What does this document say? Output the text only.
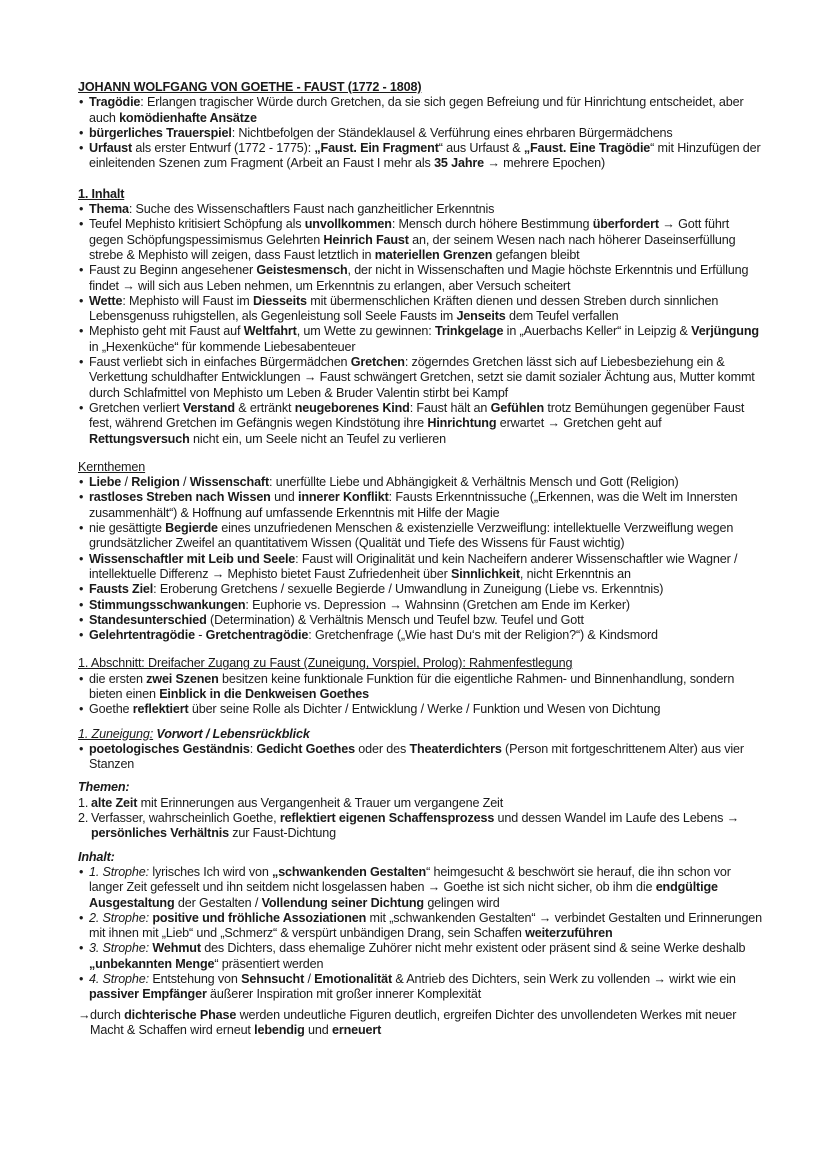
JOHANN WOLFGANG VON GOETHE - FAUST (1772 - 1808)
• Tragödie: Erlangen tragischer Würde durch Gretchen, da sie sich gegen Befreiung und für Hinrichtung entscheidet, aber auch komödienhafte Ansätze
• bürgerliches Trauerspiel: Nichtbefolgen der Ständeklausel & Verführung eines ehrbaren Bürgermädchens
• Urfaust als erster Entwurf (1772 - 1775): „Faust. Ein Fragment“ aus Urfaust & „Faust. Eine Tragödie“ mit Hinzufügen der einleitenden Szenen zum Fragment (Arbeit an Faust I mehr als 35 Jahre → mehrere Epochen)
1. Inhalt
• Thema: Suche des Wissenschaftlers Faust nach ganzheitlicher Erkenntnis
• Teufel Mephisto kritisiert Schöpfung als unvollkommen: Mensch durch höhere Bestimmung überfordert → Gott führt gegen Schöpfungspessimismus Gelehrten Heinrich Faust an, der seinem Wesen nach nach höherer Daseinserfüllung strebe & Mephisto will zeigen, dass Faust letztlich in materiellen Grenzen gefangen bleibt
• Faust zu Beginn angesehener Geistesmensch, der nicht in Wissenschaften und Magie höchste Erkenntnis und Erfüllung findet → will sich aus Leben nehmen, um Erkenntnis zu erlangen, aber Versuch scheitert
• Wette: Mephisto will Faust im Diesseits mit übermenschlichen Kräften dienen und dessen Streben durch sinnlichen Lebensgenuss ruhigstellen, als Gegenleistung soll Seele Fausts im Jenseits dem Teufel verfallen
• Mephisto geht mit Faust auf Weltfahrt, um Wette zu gewinnen: Trinkgelage in „Auerbachs Keller“ in Leipzig & Verjüngung in „Hexenküche“ für kommende Liebesabenteuer
• Faust verliebt sich in einfaches Bürgermädchen Gretchen: zögerndes Gretchen lässt sich auf Liebesbeziehung ein & Verkettung schuldhafter Entwicklungen → Faust schwängert Gretchen, setzt sie damit sozialer Ächtung aus, Mutter kommt durch Schlafmittel von Mephisto um Leben & Bruder Valentin stirbt bei Kampf
• Gretchen verliert Verstand & ertränkt neugeborenes Kind: Faust hält an Gefühlen trotz Bemühungen gegenüber Faust fest, während Gretchen im Gefängnis wegen Kindstötung ihre Hinrichtung erwartet → Gretchen geht auf Rettungsversuch nicht ein, um Seele nicht an Teufel zu verlieren
Kernthemen
• Liebe / Religion / Wissenschaft: unerfüllte Liebe und Abhängigkeit & Verhältnis Mensch und Gott (Religion)
• rastloses Streben nach Wissen und innerer Konflikt: Fausts Erkenntnissuche („Erkennen, was die Welt im Innersten zusammenhält“) & Hoffnung auf umfassende Erkenntnis mit Hilfe der Magie
• nie gesättigte Begierde eines unzufriedenen Menschen & existenzielle Verzweiflung: intellektuelle Verzweiflung wegen grundsätzlicher Zweifel an quantitativem Wissen (Qualität und Tiefe des Wissens für Faust wichtig)
• Wissenschaftler mit Leib und Seele: Faust will Originalität und kein Nacheifern anderer Wissenschaftler wie Wagner / intellektuelle Differenz → Mephisto bietet Faust Zufriedenheit über Sinnlichkeit, nicht Erkenntnis an
• Fausts Ziel: Eroberung Gretchens / sexuelle Begierde / Umwandlung in Zuneigung (Liebe vs. Erkenntnis)
• Stimmungsschwankungen: Euphorie vs. Depression → Wahnsinn (Gretchen am Ende im Kerker)
• Standesunterschied (Determination) & Verhältnis Mensch und Teufel bzw. Teufel und Gott
• Gelehrtentragödie - Gretchentragödie: Gretchenfrage („Wie hast Du‘s mit der Religion?“) & Kindsmord
1. Abschnitt: Dreifacher Zugang zu Faust (Zuneigung, Vorspiel, Prolog): Rahmenfestlegung
• die ersten zwei Szenen besitzen keine funktionale Funktion für die eigentliche Rahmen- und Binnenhandlung, sondern bieten einen Einblick in die Denkweisen Goethes
• Goethe reflektiert über seine Rolle als Dichter / Entwicklung / Werke / Funktion und Wesen von Dichtung
1. Zuneigung: Vorwort / Lebensrückblick
• poetologisches Geständnis: Gedicht Goethes oder des Theaterdichters (Person mit fortgeschrittenem Alter) aus vier Stanzen
Themen:
1. alte Zeit mit Erinnerungen aus Vergangenheit & Trauer um vergangene Zeit
2. Verfasser, wahrscheinlich Goethe, reflektiert eigenen Schaffensprozess und dessen Wandel im Laufe des Lebens → persönliches Verhältnis zur Faust-Dichtung
Inhalt:
• 1. Strophe: lyrisches Ich wird von „schwankenden Gestalten“ heimgesucht & beschwört sie herauf, die ihn schon vor langer Zeit gefesselt und ihn seitdem nicht losgelassen haben → Goethe ist sich nicht sicher, ob ihm die endgültige Ausgestaltung der Gestalten / Vollendung seiner Dichtung gelingen wird
• 2. Strophe: positive und fröhliche Assoziationen mit „schwankenden Gestalten“ → verbindet Gestalten und Erinnerungen mit ihnen mit „Lieb“ und „Schmerz“ & verspürt unbändigen Drang, sein Schaffen weiterzuführen
• 3. Strophe: Wehmut des Dichters, dass ehemalige Zuhörer nicht mehr existent oder präsent sind & seine Werke deshalb „unbekannten Menge“ präsentiert werden
• 4. Strophe: Entstehung von Sehnsucht / Emotionalität & Antrieb des Dichters, sein Werk zu vollenden → wirkt wie ein passiver Empfänger äußerer Inspiration mit großer innerer Komplexität
→ durch dichterische Phase werden undeutliche Figuren deutlich, ergreifen Dichter des unvollendeten Werkes mit neuer Macht & Schaffen wird erneut lebendig und erneuert
